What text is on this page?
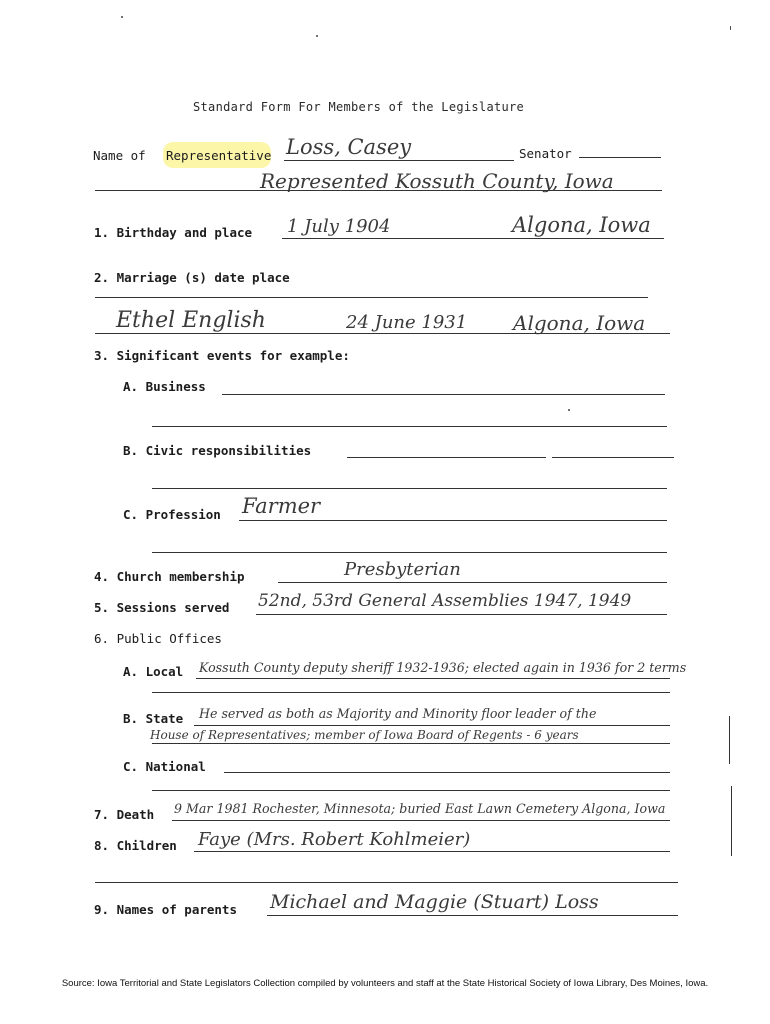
Standard Form For Members of the Legislature
Name of Representative Loss, Casey	Senator
Represented Kossuth County, Iowa
1. Birthday and place 1 July 1904	Algona, Iowa
2. Marriage (s) date place
Ethel English	24 June 1931 Algona, Iowa
3. Significant events for example:
A. Business
B. Civic responsibilities
C. Profession Farmer
4. Church membership	Presbyterian
5. Sessions served 52nd, 53rd General Assemblies 1947, 1949
6. Public Offices
A. Local Kossuth County deputy sheriff 1932-1936; elected again in 1936 for 2 terms
B. State He served as both as Majority and Minority floor leader of the
House of Representatives; member of Iowa Board of Regents - 6 years
C. National
7. Death 9 Mar 1981 Rochester, Minnesota; buried East Lawn Cemetery Algona, Iowa
8. Children Faye (Mrs. Robert Kohlmeier)
9. Names of parents Michael and Maggie (Stuart) Loss
Source: Iowa Territorial and State Legislators Collection compiled by volunteers and staff at the State Historical Society of Iowa Library, Des Moines, Iowa.
